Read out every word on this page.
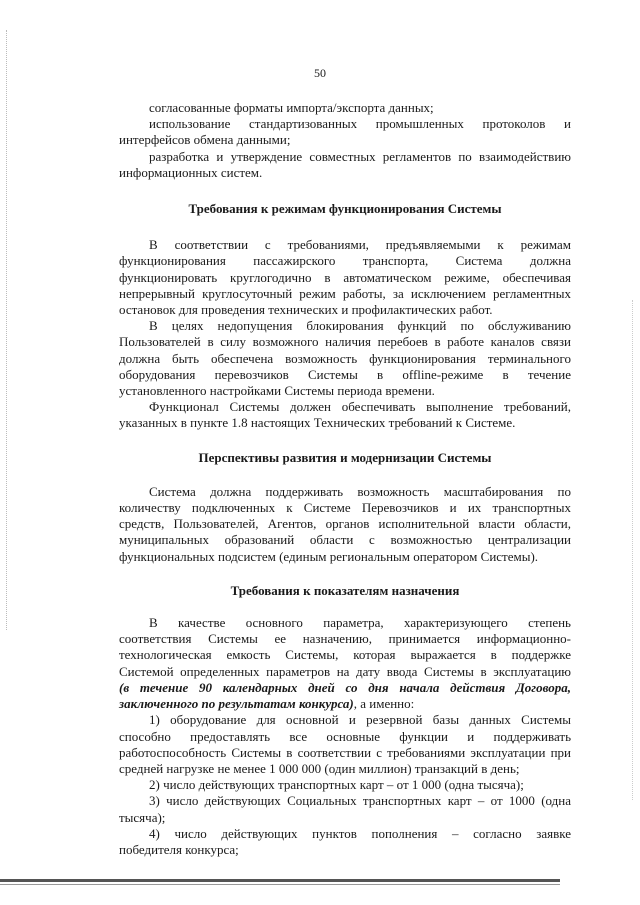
50
согласованные форматы импорта/экспорта данных;
использование стандартизованных промышленных протоколов и
интерфейсов обмена данными;
разработка и утверждение совместных регламентов по взаимодействию
информационных систем.
Требования к режимам функционирования Системы
В соответствии с требованиями, предъявляемыми к режимам
функционирования пассажирского транспорта, Система должна
функционировать круглогодично в автоматическом режиме, обеспечивая
непрерывный круглосуточный режим работы, за исключением регламентных
остановок для проведения технических и профилактических работ.
В целях недопущения блокирования функций по обслуживанию
Пользователей в силу возможного наличия перебоев в работе каналов связи
должна быть обеспечена возможность функционирования терминального
оборудования перевозчиков Системы в offline-режиме в течение
установленного настройками Системы периода времени.
Функционал Системы должен обеспечивать выполнение требований,
указанных в пункте 1.8 настоящих Технических требований к Системе.
Перспективы развития и модернизации Системы
Система должна поддерживать возможность масштабирования по
количеству подключенных к Системе Перевозчиков и их транспортных
средств, Пользователей, Агентов, органов исполнительной власти области,
муниципальных образований области с возможностью централизации
функциональных подсистем (единым региональным оператором Системы).
Требования к показателям назначения
В качестве основного параметра, характеризующего степень
соответствия Системы ее назначению, принимается информационно-
технологическая емкость Системы, которая выражается в поддержке
Системой определенных параметров на дату ввода Системы в эксплуатацию
(в течение 90 календарных дней со дня начала действия Договора,
заключенного по результатам конкурса), а именно:
1) оборудование для основной и резервной базы данных Системы
способно предоставлять все основные функции и поддерживать
работоспособность Системы в соответствии с требованиями эксплуатации при
средней нагрузке не менее 1 000 000 (один миллион) транзакций в день;
2) число действующих транспортных карт – от 1 000 (одна тысяча);
3) число действующих Социальных транспортных карт – от 1000 (одна
тысяча);
4) число действующих пунктов пополнения – согласно заявке
победителя конкурса;
